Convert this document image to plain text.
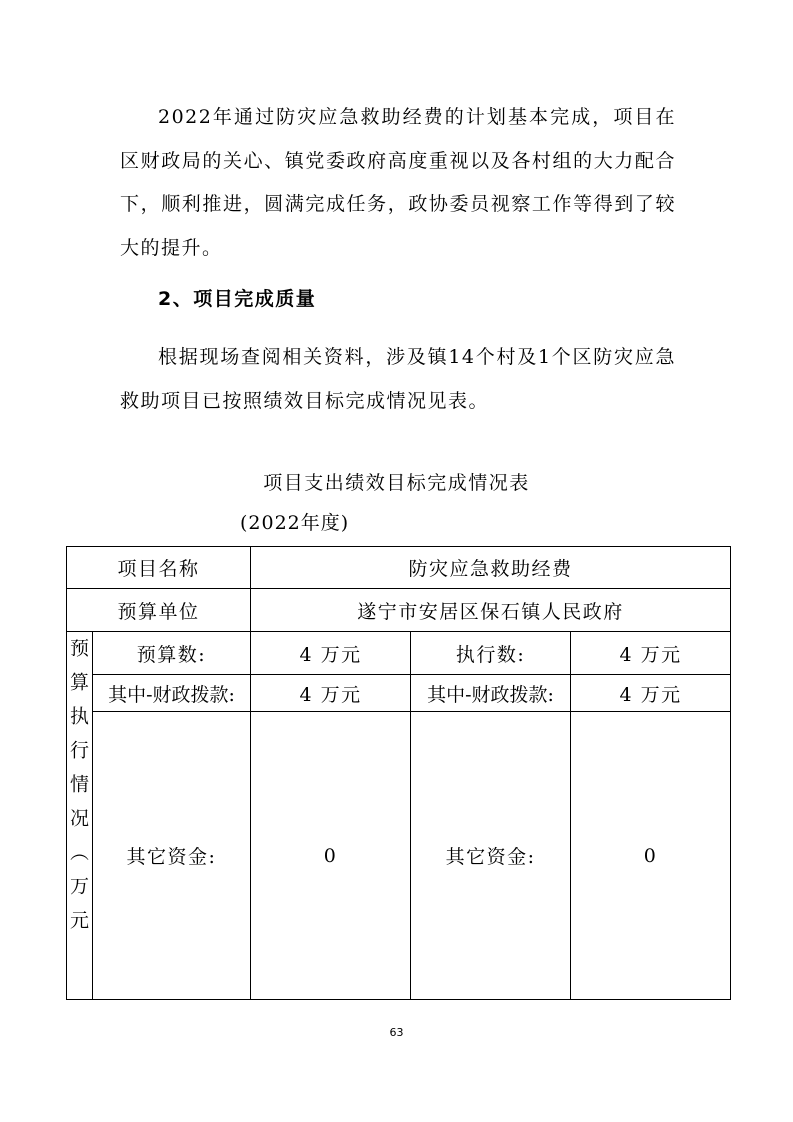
2022年通过防灾应急救助经费的计划基本完成，项目在区财政局的关心、镇党委政府高度重视以及各村组的大力配合下，顺利推进，圆满完成任务，政协委员视察工作等得到了较大的提升。

2、项目完成质量

根据现场查阅相关资料，涉及镇14个村及1个区防灾应急救助项目已按照绩效目标完成情况见表。

项目支出绩效目标完成情况表

(2022年度)

项目名称		防灾应急救助经费		
预算单位		遂宁市安居区保石镇人民政府		
预算执行情况（万元	预算数:	4 万元	执行数:	4 万元
	其中-财政拨款:	4 万元	其中-财政拨款:	4 万元
	其它资金:	0	其它资金:	0
63
